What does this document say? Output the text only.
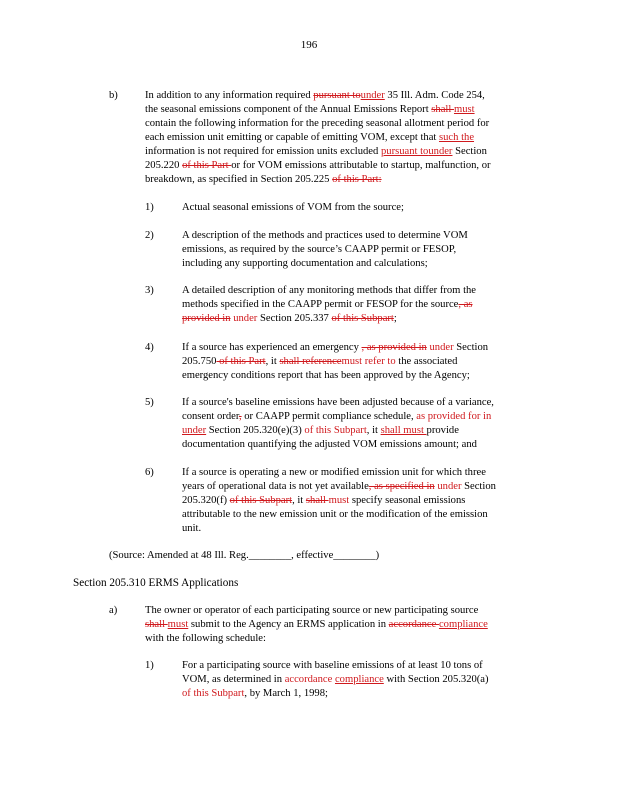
196
b)	In addition to any information required pursuant tounder 35 Ill. Adm. Code 254,
the seasonal emissions component of the Annual Emissions Report shall must
contain the following information for the preceding seasonal allotment period for
each emission unit emitting or capable of emitting VOM, except that such the
information is not required for emission units excluded pursuant tounder Section
205.220 of this Part or for VOM emissions attributable to startup, malfunction, or
breakdown, as specified in Section 205.225 of this Part:
1)	Actual seasonal emissions of VOM from the source;
2)	A description of the methods and practices used to determine VOM
emissions, as required by the source’s CAAPP permit or FESOP,
including any supporting documentation and calculations;
3)	A detailed description of any monitoring methods that differ from the
methods specified in the CAAPP permit or FESOP for the source, as
provided in under Section 205.337 of this Subpart;
4)	If a source has experienced an emergency , as provided in under Section
205.750 of this Part, it shall referencemust refer to the associated
emergency conditions report that has been approved by the Agency;
5)	If a source's baseline emissions have been adjusted because of a variance,
consent order, or CAAPP permit compliance schedule, as provided for in
under Section 205.320(e)(3) of this Subpart, it shall must provide
documentation quantifying the adjusted VOM emissions amount; and
6)	If a source is operating a new or modified emission unit for which three
years of operational data is not yet available, as specified in under Section
205.320(f) of this Subpart, it shall must specify seasonal emissions
attributable to the new emission unit or the modification of the emission
unit.
(Source: Amended at 48 Ill. Reg.________, effective________)
Section 205.310 ERMS Applications
a)	The owner or operator of each participating source or new participating source
shall must submit to the Agency an ERMS application in accordance compliance
with the following schedule:
1)	For a participating source with baseline emissions of at least 10 tons of
VOM, as determined in accordance compliance with Section 205.320(a)
of this Subpart, by March 1, 1998;
